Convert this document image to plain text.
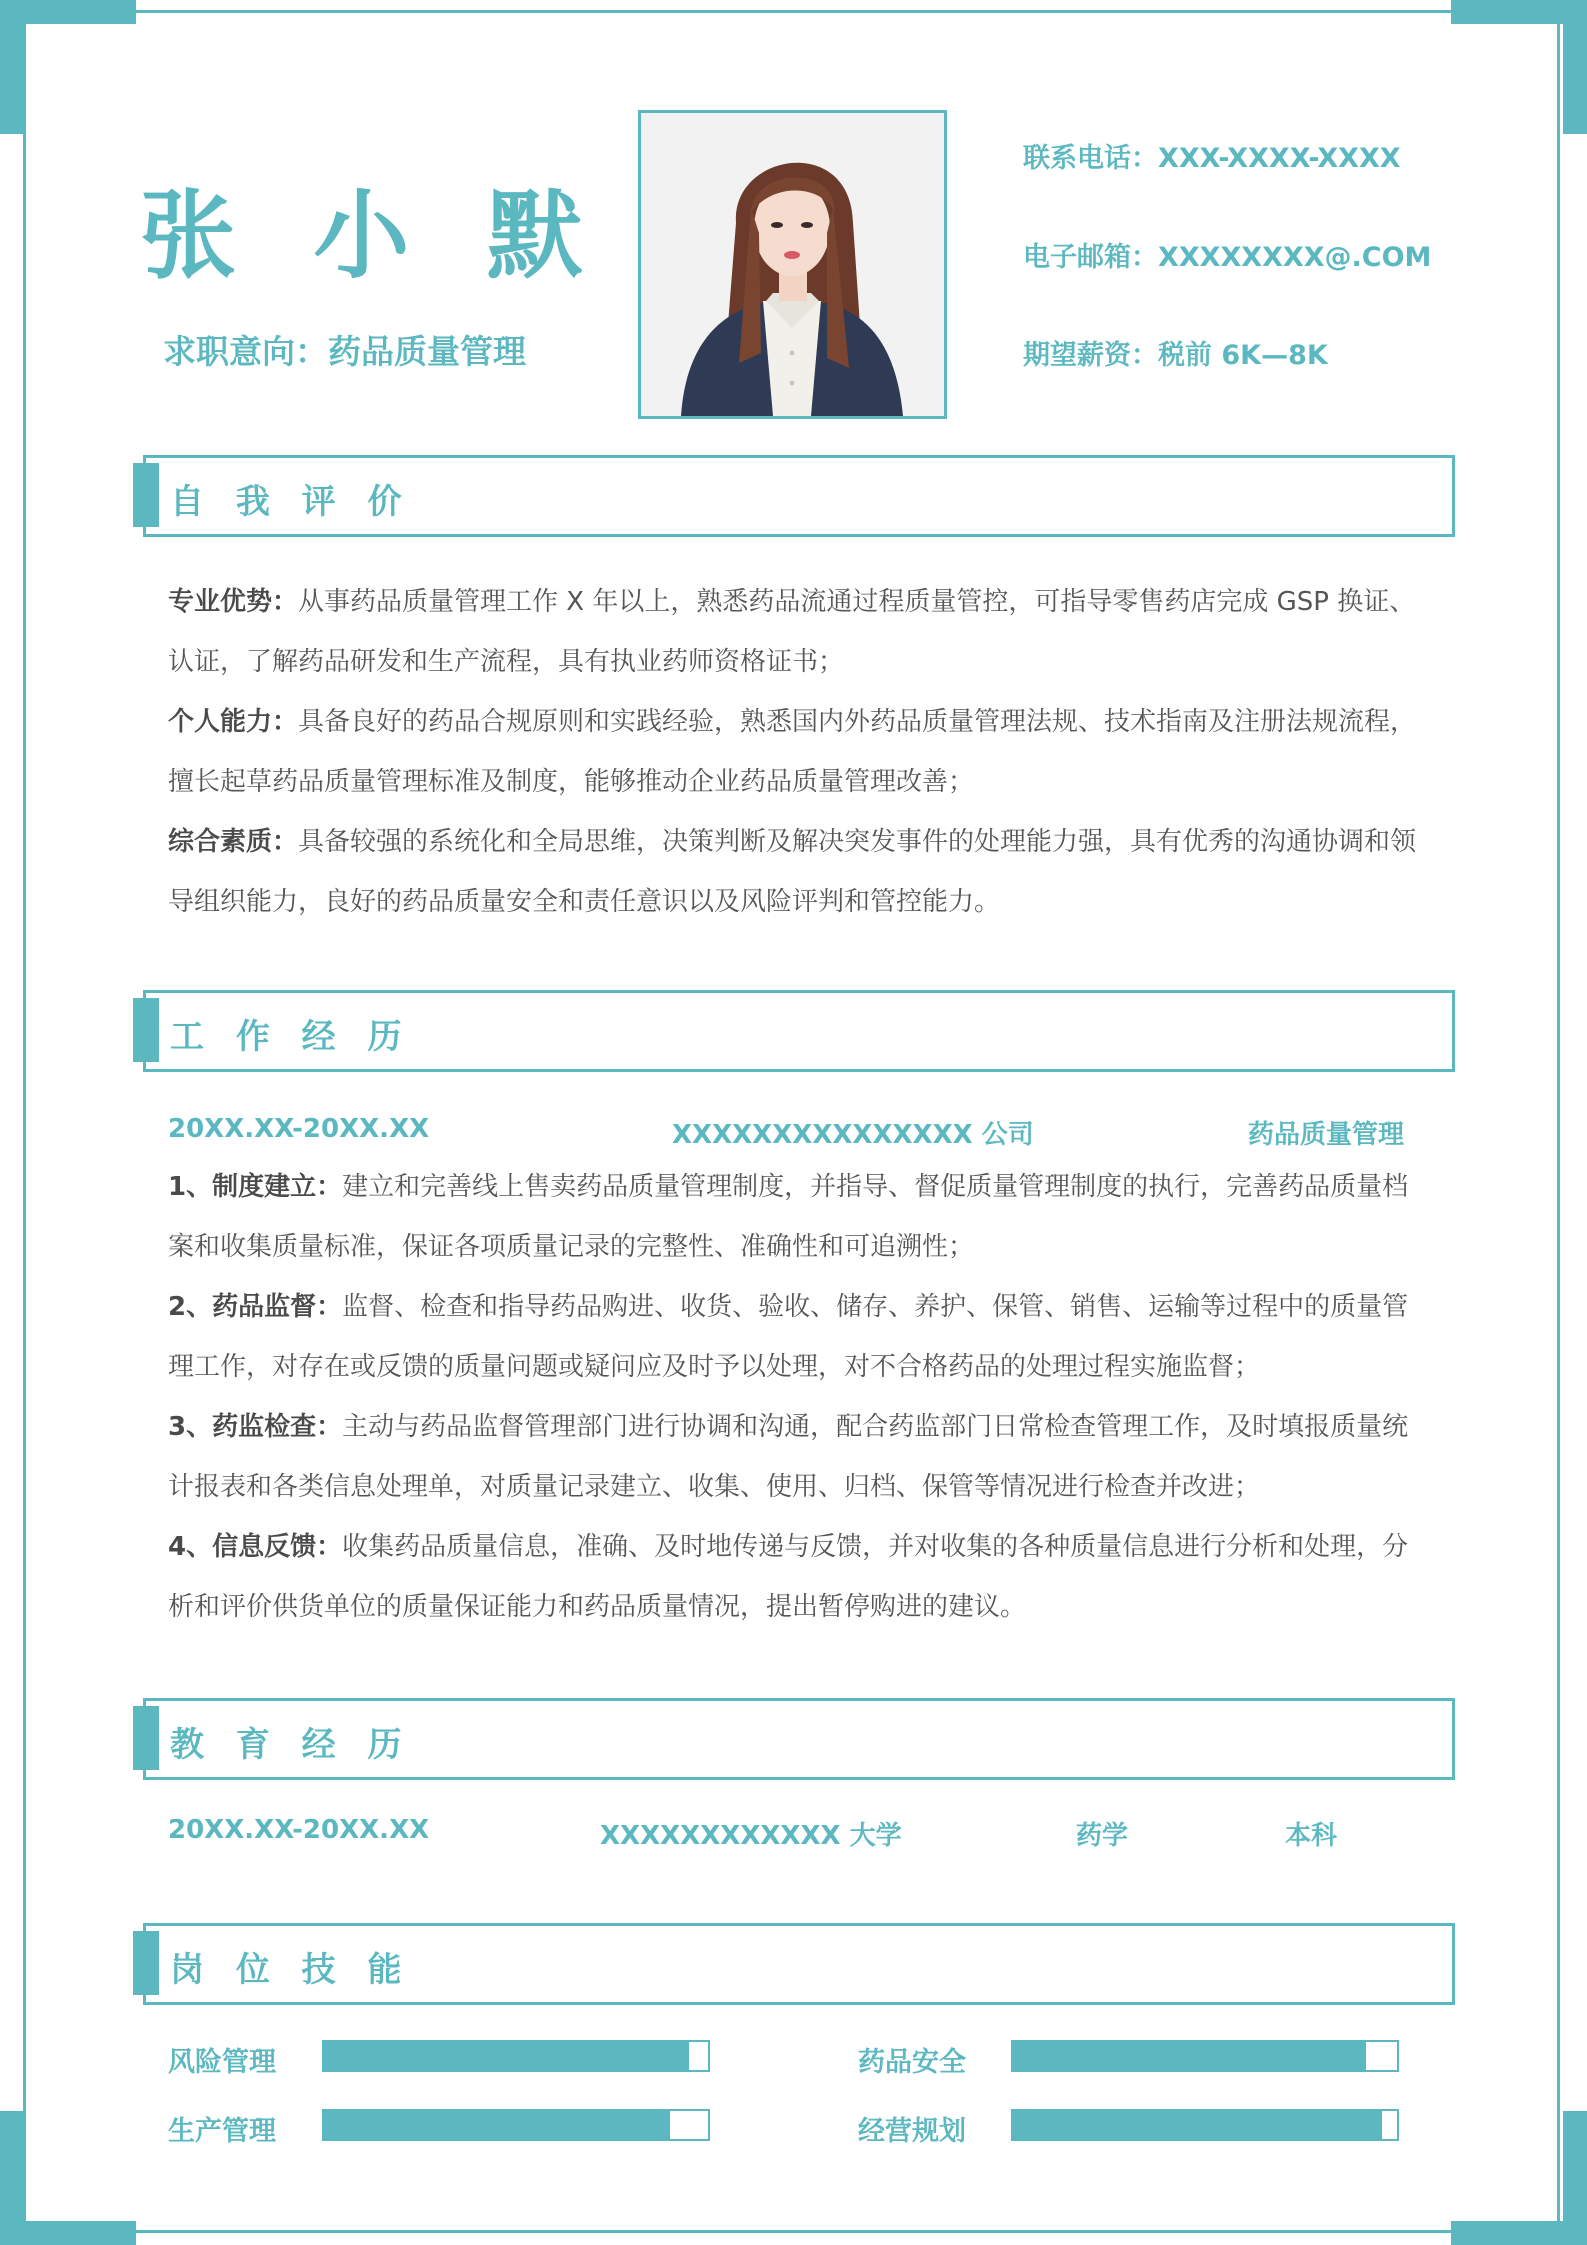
张 小 默
求职意向：药品质量管理
联系电话：XXX-XXXX-XXXX
电子邮箱：XXXXXXXX@.COM
期望薪资：税前 6K—8K
自 我 评 价
专业优势：从事药品质量管理工作 X 年以上，熟悉药品流通过程质量管控，可指导零售药店完成 GSP 换证、认证，了解药品研发和生产流程，具有执业药师资格证书；
个人能力：具备良好的药品合规原则和实践经验，熟悉国内外药品质量管理法规、技术指南及注册法规流程，擅长起草药品质量管理标准及制度，能够推动企业药品质量管理改善；
综合素质：具备较强的系统化和全局思维，决策判断及解决突发事件的处理能力强，具有优秀的沟通协调和领导组织能力，良好的药品质量安全和责任意识以及风险评判和管控能力。
工 作 经 历
20XX.XX-20XX.XX	XXXXXXXXXXXXXXX 公司	药品质量管理
1、制度建立：建立和完善线上售卖药品质量管理制度，并指导、督促质量管理制度的执行，完善药品质量档案和收集质量标准，保证各项质量记录的完整性、准确性和可追溯性；
2、药品监督：监督、检查和指导药品购进、收货、验收、储存、养护、保管、销售、运输等过程中的质量管理工作，对存在或反馈的质量问题或疑问应及时予以处理，对不合格药品的处理过程实施监督；
3、药监检查：主动与药品监督管理部门进行协调和沟通，配合药监部门日常检查管理工作，及时填报质量统计报表和各类信息处理单，对质量记录建立、收集、使用、归档、保管等情况进行检查并改进；
4、信息反馈：收集药品质量信息，准确、及时地传递与反馈，并对收集的各种质量信息进行分析和处理，分析和评价供货单位的质量保证能力和药品质量情况，提出暂停购进的建议。
教 育 经 历
20XX.XX-20XX.XX	XXXXXXXXXXXX 大学	药学	本科
岗 位 技 能
风险管理	药品安全
生产管理	经营规划
